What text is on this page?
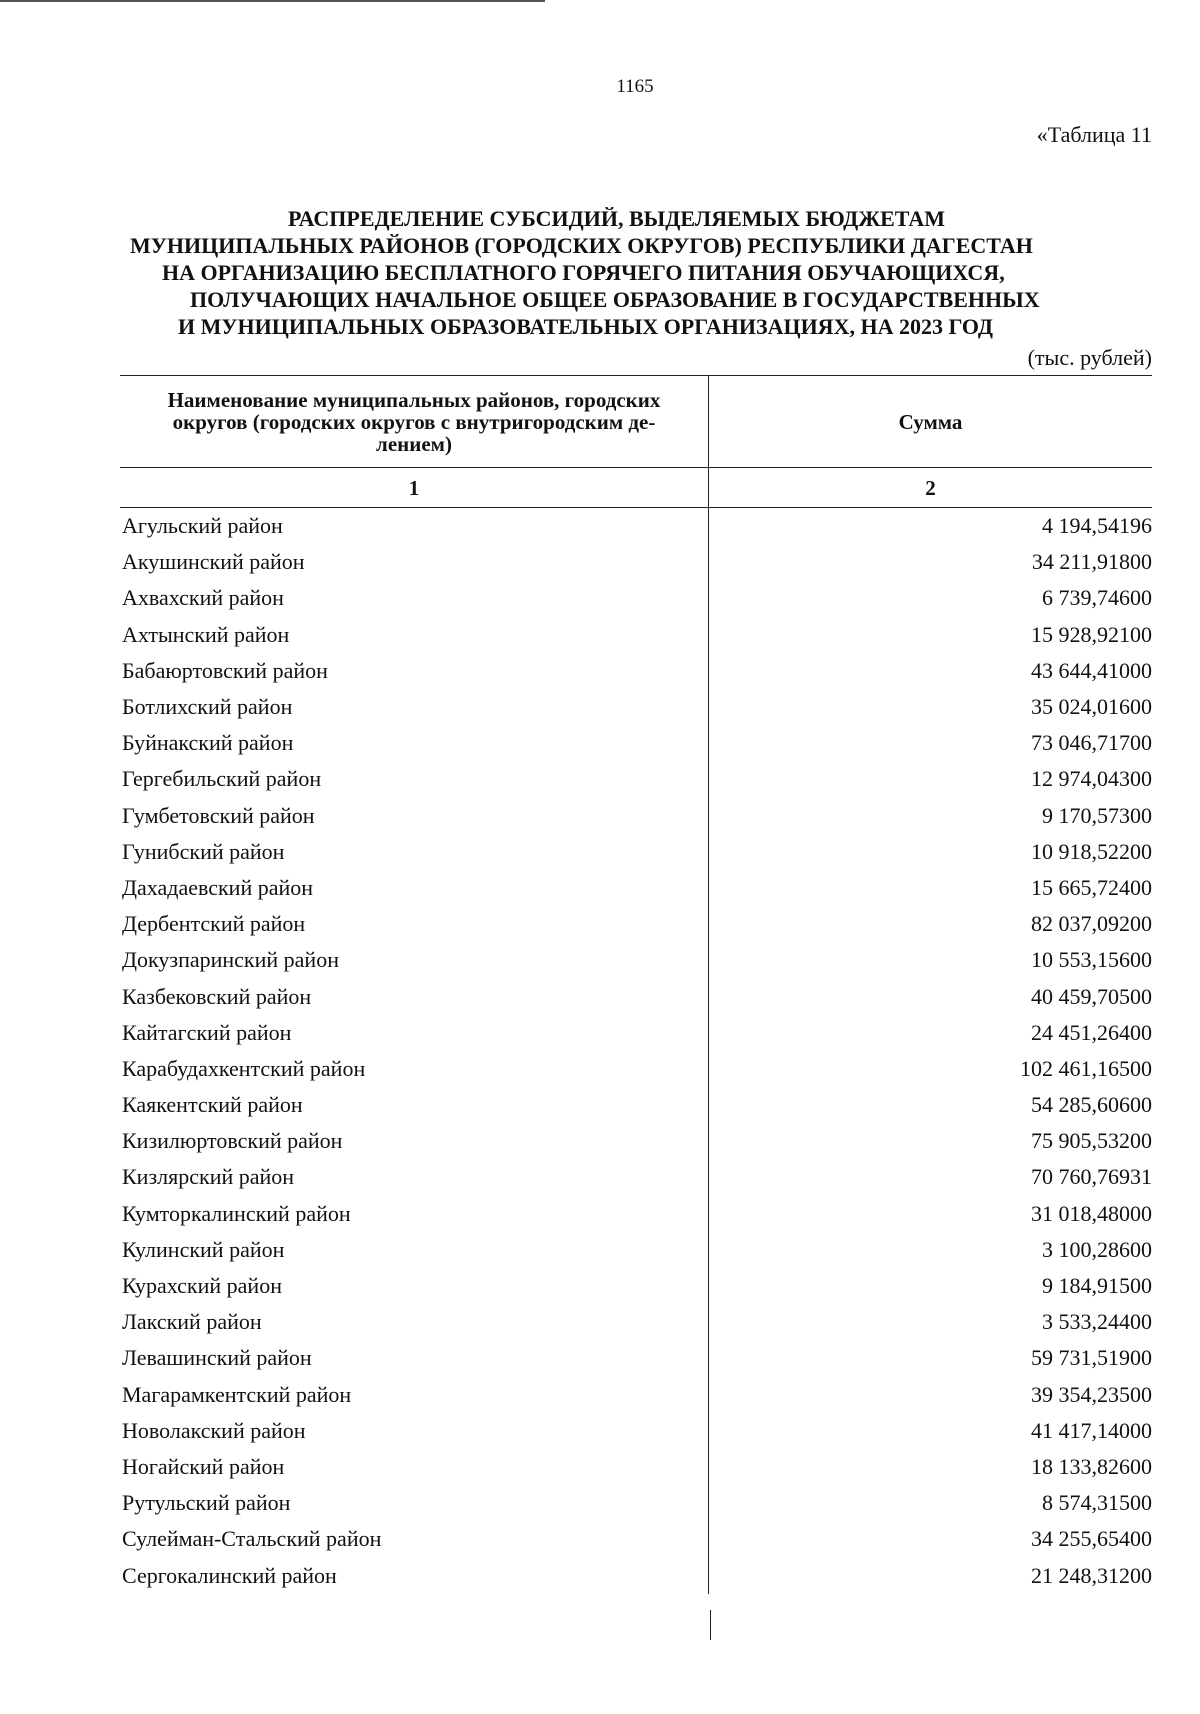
1165
«Таблица 11
РАСПРЕДЕЛЕНИЕ СУБСИДИЙ, ВЫДЕЛЯЕМЫХ БЮДЖЕТАМ
МУНИЦИПАЛЬНЫХ РАЙОНОВ (ГОРОДСКИХ ОКРУГОВ) РЕСПУБЛИКИ ДАГЕСТАН
НА ОРГАНИЗАЦИЮ БЕСПЛАТНОГО ГОРЯЧЕГО ПИТАНИЯ ОБУЧАЮЩИХСЯ,
ПОЛУЧАЮЩИХ НАЧАЛЬНОЕ ОБЩЕЕ ОБРАЗОВАНИЕ В ГОСУДАРСТВЕННЫХ
И МУНИЦИПАЛЬНЫХ ОБРАЗОВАТЕЛЬНЫХ ОРГАНИЗАЦИЯХ, НА 2023 ГОД
(тыс. рублей)
Наименование муниципальных районов, городских
округов (городских округов с внутригородским де-
лением)	Сумма
1	2
Агульский район	4 194,54196
Акушинский район	34 211,91800
Ахвахский район	6 739,74600
Ахтынский район	15 928,92100
Бабаюртовский район	43 644,41000
Ботлихский район	35 024,01600
Буйнакский район	73 046,71700
Гергебильский район	12 974,04300
Гумбетовский район	9 170,57300
Гунибский район	10 918,52200
Дахадаевский район	15 665,72400
Дербентский район	82 037,09200
Докузпаринский район	10 553,15600
Казбековский район	40 459,70500
Кайтагский район	24 451,26400
Карабудахкентский район	102 461,16500
Каякентский район	54 285,60600
Кизилюртовский район	75 905,53200
Кизлярский район	70 760,76931
Кумторкалинский район	31 018,48000
Кулинский район	3 100,28600
Курахский район	9 184,91500
Лакский район	3 533,24400
Левашинский район	59 731,51900
Магарамкентский район	39 354,23500
Новолакский район	41 417,14000
Ногайский район	18 133,82600
Рутульский район	8 574,31500
Сулейман-Стальский район	34 255,65400
Сергокалинский район	21 248,31200
